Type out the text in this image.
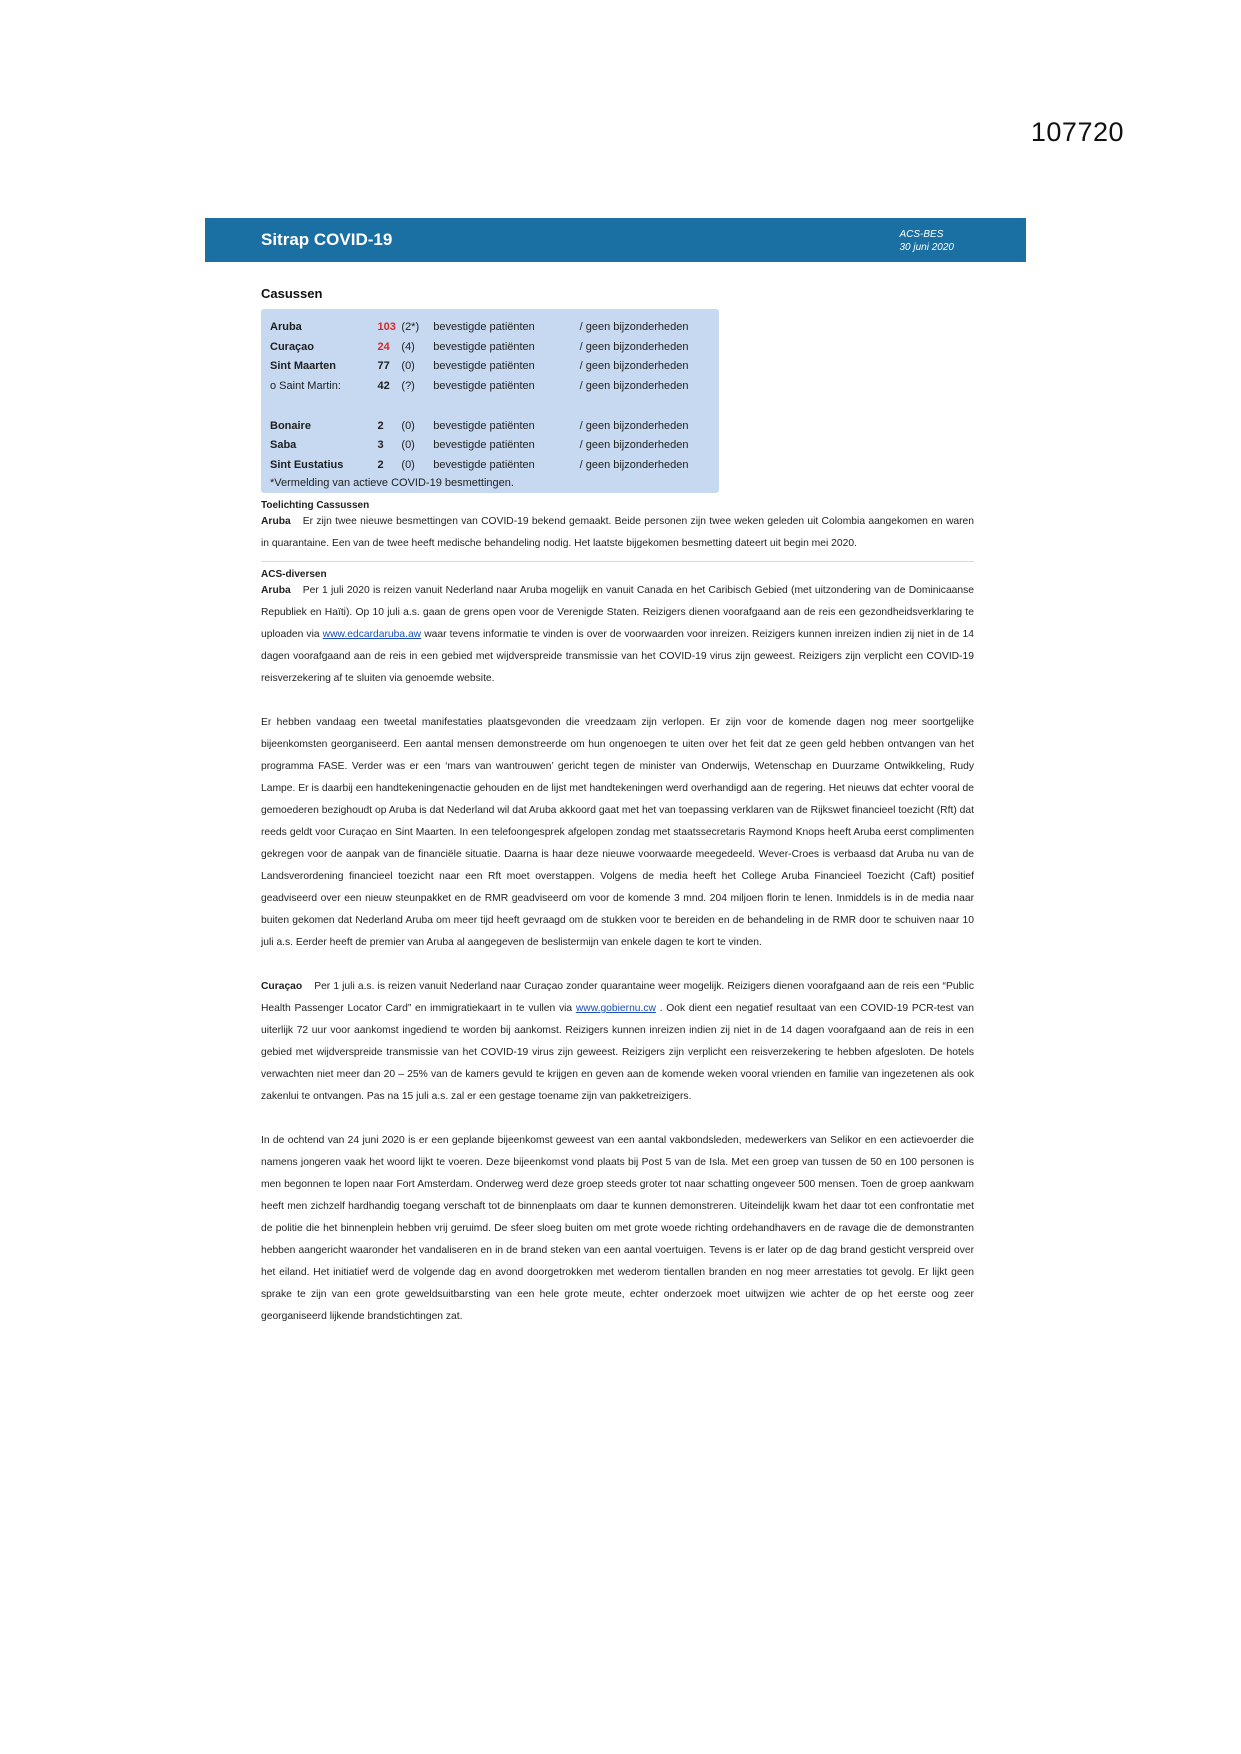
107720
Sitrap COVID-19	ACS-BES
30 juni 2020
Casussen
Aruba	103 (2*)	bevestigde patiënten	/ geen bijzonderheden
Curaçao	24	(4)	bevestigde patiënten	/ geen bijzonderheden
Sint Maarten	77	(0)	bevestigde patiënten	/ geen bijzonderheden
o Saint Martin:	42	(?)	bevestigde patiënten	/ geen bijzonderheden
Bonaire	2	(0)	bevestigde patiënten	/ geen bijzonderheden
Saba	3	(0)	bevestigde patiënten	/ geen bijzonderheden
Sint Eustatius	2	(0)	bevestigde patiënten	/ geen bijzonderheden
*Vermelding van actieve COVID-19 besmettingen.
Toelichting Cassussen

Aruba Er zijn twee nieuwe besmettingen van COVID-19 bekend gemaakt. Beide personen zijn twee weken geleden uit Colombia aangekomen en waren in quarantaine. Een van de twee heeft medische behandeling nodig. Het laatste bijgekomen besmetting dateert uit begin mei 2020.

ACS-diversen

Aruba Per 1 juli 2020 is reizen vanuit Nederland naar Aruba mogelijk en vanuit Canada en het Caribisch Gebied (met uitzondering van de Dominicaanse Republiek en Haïti). Op 10 juli a.s. gaan de grens open voor de Verenigde Staten. Reizigers dienen voorafgaand aan de reis een gezondheidsverklaring te uploaden via www.edcardaruba.aw waar tevens informatie te vinden is over de voorwaarden voor inreizen. Reizigers kunnen inreizen indien zij niet in de 14 dagen voorafgaand aan de reis in een gebied met wijdverspreide transmissie van het COVID-19 virus zijn geweest. Reizigers zijn verplicht een COVID-19 reisverzekering af te sluiten via genoemde website.

Er hebben vandaag een tweetal manifestaties plaatsgevonden die vreedzaam zijn verlopen. Er zijn voor de komende dagen nog meer soortgelijke bijeenkomsten georganiseerd. Een aantal mensen demonstreerde om hun ongenoegen te uiten over het feit dat ze geen geld hebben ontvangen van het programma FASE. Verder was er een ‘mars van wantrouwen’ gericht tegen de minister van Onderwijs, Wetenschap en Duurzame Ontwikkeling, Rudy Lampe. Er is daarbij een handtekeningenactie gehouden en de lijst met handtekeningen werd overhandigd aan de regering. Het nieuws dat echter vooral de gemoederen bezighoudt op Aruba is dat Nederland wil dat Aruba akkoord gaat met het van toepassing verklaren van de Rijkswet financieel toezicht (Rft) dat reeds geldt voor Curaçao en Sint Maarten. In een telefoongesprek afgelopen zondag met staatssecretaris Raymond Knops heeft Aruba eerst complimenten gekregen voor de aanpak van de financiële situatie. Daarna is haar deze nieuwe voorwaarde meegedeeld. Wever-Croes is verbaasd dat Aruba nu van de Landsverordening financieel toezicht naar een Rft moet overstappen. Volgens de media heeft het College Aruba Financieel Toezicht (Caft) positief geadviseerd over een nieuw steunpakket en de RMR geadviseerd om voor de komende 3 mnd. 204 miljoen florin te lenen. Inmiddels is in de media naar buiten gekomen dat Nederland Aruba om meer tijd heeft gevraagd om de stukken voor te bereiden en de behandeling in de RMR door te schuiven naar 10 juli a.s. Eerder heeft de premier van Aruba al aangegeven de beslistermijn van enkele dagen te kort te vinden.

Curaçao Per 1 juli a.s. is reizen vanuit Nederland naar Curaçao zonder quarantaine weer mogelijk. Reizigers dienen voorafgaand aan de reis een “Public Health Passenger Locator Card” en immigratiekaart in te vullen via www.gobiernu.cw . Ook dient een negatief resultaat van een COVID-19 PCR-test van uiterlijk 72 uur voor aankomst ingediend te worden bij aankomst. Reizigers kunnen inreizen indien zij niet in de 14 dagen voorafgaand aan de reis in een gebied met wijdverspreide transmissie van het COVID-19 virus zijn geweest. Reizigers zijn verplicht een reisverzekering te hebben afgesloten. De hotels verwachten niet meer dan 20 – 25% van de kamers gevuld te krijgen en geven aan de komende weken vooral vrienden en familie van ingezetenen als ook zakenlui te ontvangen. Pas na 15 juli a.s. zal er een gestage toename zijn van pakketreizigers.

In de ochtend van 24 juni 2020 is er een geplande bijeenkomst geweest van een aantal vakbondsleden, medewerkers van Selikor en een actievoerder die namens jongeren vaak het woord lijkt te voeren. Deze bijeenkomst vond plaats bij Post 5 van de Isla. Met een groep van tussen de 50 en 100 personen is men begonnen te lopen naar Fort Amsterdam. Onderweg werd deze groep steeds groter tot naar schatting ongeveer 500 mensen. Toen de groep aankwam heeft men zichzelf hardhandig toegang verschaft tot de binnenplaats om daar te kunnen demonstreren. Uiteindelijk kwam het daar tot een confrontatie met de politie die het binnenplein hebben vrij geruimd. De sfeer sloeg buiten om met grote woede richting ordehandhavers en de ravage die de demonstranten hebben aangericht waaronder het vandaliseren en in de brand steken van een aantal voertuigen. Tevens is er later op de dag brand gesticht verspreid over het eiland. Het initiatief werd de volgende dag en avond doorgetrokken met wederom tientallen branden en nog meer arrestaties tot gevolg. Er lijkt geen sprake te zijn van een grote geweldsuitbarsting van een hele grote meute, echter onderzoek moet uitwijzen wie achter de op het eerste oog zeer georganiseerd lijkende brandstichtingen zat.
